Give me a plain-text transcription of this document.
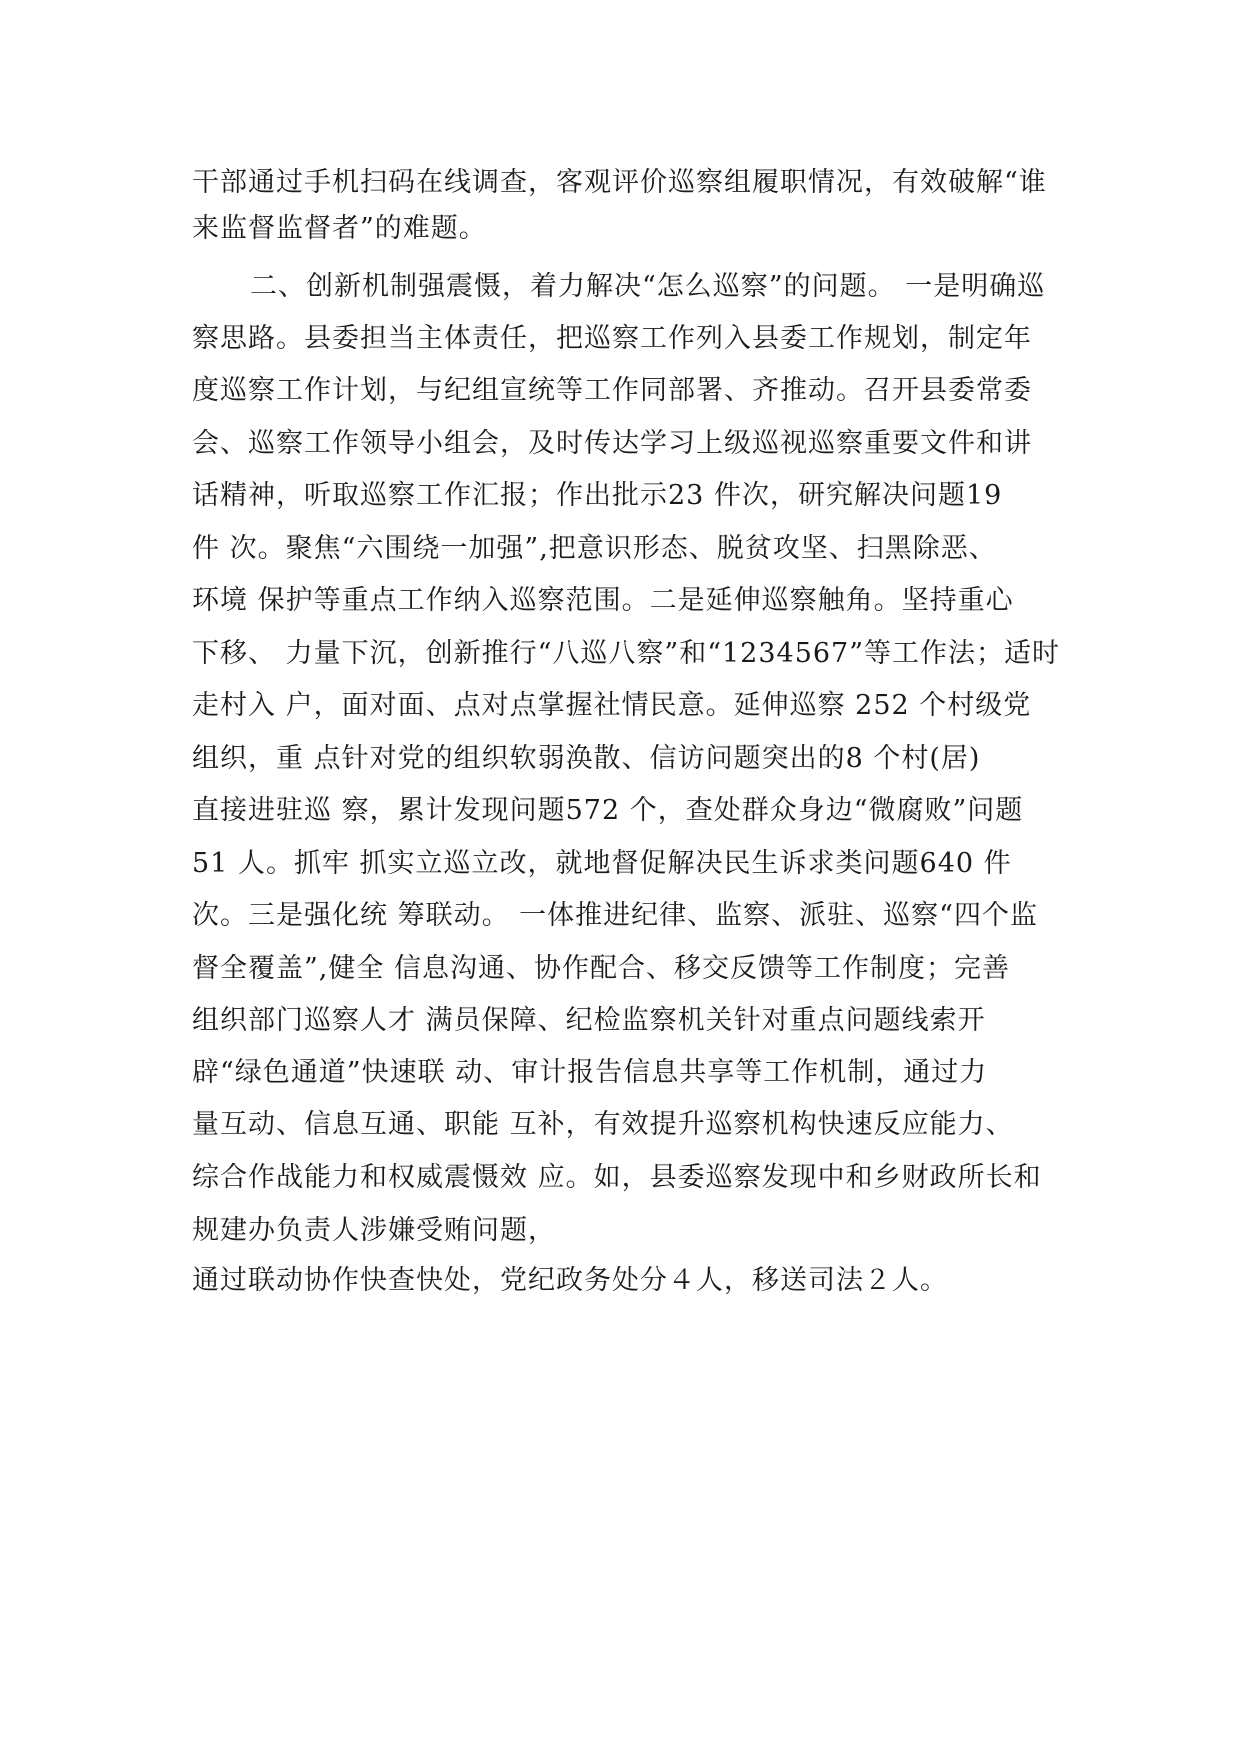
干部通过手机扫码在线调查，客观评价巡察组履职情况，有效破解“谁
来监督监督者”的难题。
二、创新机制强震慑，着力解决“怎么巡察”的问题。 一是明确巡
察思路。县委担当主体责任，把巡察工作列入县委工作规划，制定年
度巡察工作计划，与纪组宣统等工作同部署、齐推动。召开县委常委
会、巡察工作领导小组会，及时传达学习上级巡视巡察重要文件和讲
话精神，听取巡察工作汇报；作出批示23 件次，研究解决问题19
件 次。聚焦“六围绕一加强”,把意识形态、脱贫攻坚、扫黑除恶、
环境 保护等重点工作纳入巡察范围。二是延伸巡察触角。坚持重心
下移、 力量下沉，创新推行“八巡八察”和“1234567”等工作法；适时
走村入 户，面对面、点对点掌握社情民意。延伸巡察 252 个村级党
组织，重 点针对党的组织软弱涣散、信访问题突出的8 个村(居)
直接进驻巡 察，累计发现问题572 个，查处群众身边“微腐败”问题
51 人。抓牢 抓实立巡立改，就地督促解决民生诉求类问题640 件
次。三是强化统 筹联动。 一体推进纪律、监察、派驻、巡察“四个监
督全覆盖”,健全 信息沟通、协作配合、移交反馈等工作制度；完善
组织部门巡察人才 满员保障、纪检监察机关针对重点问题线索开
辟“绿色通道”快速联 动、审计报告信息共享等工作机制，通过力
量互动、信息互通、职能 互补，有效提升巡察机构快速反应能力、
综合作战能力和权威震慑效 应。如，县委巡察发现中和乡财政所长和
规建办负责人涉嫌受贿问题，
通过联动协作快查快处，党纪政务处分４人，移送司法２人。
